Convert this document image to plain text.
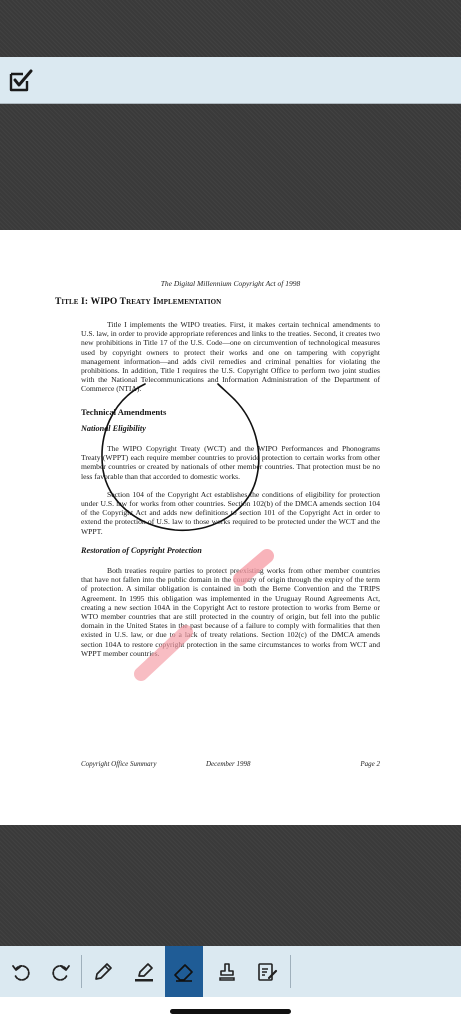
The Digital Millennium Copyright Act of 1998
Title I: WIPO Treaty Implementation

Title I implements the WIPO treaties. First, it makes certain technical amendments to U.S. law, in order to provide appropriate references and links to the treaties. Second, it creates two new prohibitions in Title 17 of the U.S. Code—one on circumvention of technological measures used by copyright owners to protect their works and one on tampering with copyright management information—and adds civil remedies and criminal penalties for violating the prohibitions. In addition, Title I requires the U.S. Copyright Office to perform two joint studies with the National Telecommunications and Information Administration of the Department of Commerce (NTIA).

Technical Amendments
National Eligibility

The WIPO Copyright Treaty (WCT) and the WIPO Performances and Phonograms Treaty (WPPT) each require member countries to provide protection to certain works from other member countries or created by nationals of other member countries. That protection must be no less favorable than that accorded to domestic works.

Section 104 of the Copyright Act establishes the conditions of eligibility for protection under U.S. law for works from other countries. Section 102(b) of the DMCA amends section 104 of the Copyright Act and adds new definitions to section 101 of the Copyright Act in order to extend the protection of U.S. law to those works required to be protected under the WCT and the WPPT.

Restoration of Copyright Protection

Both treaties require parties to protect preexisting works from other member countries that have not fallen into the public domain in the country of origin through the expiry of the term of protection. A similar obligation is contained in both the Berne Convention and the TRIPS Agreement. In 1995 this obligation was implemented in the Uruguay Round Agreements Act, creating a new section 104A in the Copyright Act to restore protection to works from Berne or WTO member countries that are still protected in the country of origin, but fell into the public domain in the United States in the past because of a failure to comply with formalities that then existed in U.S. law, or due to a lack of treaty relations. Section 102(c) of the DMCA amends section 104A to restore copyright protection in the same circumstances to works from WCT and WPPT member countries.

Copyright Office Summary	December 1998	Page 2
